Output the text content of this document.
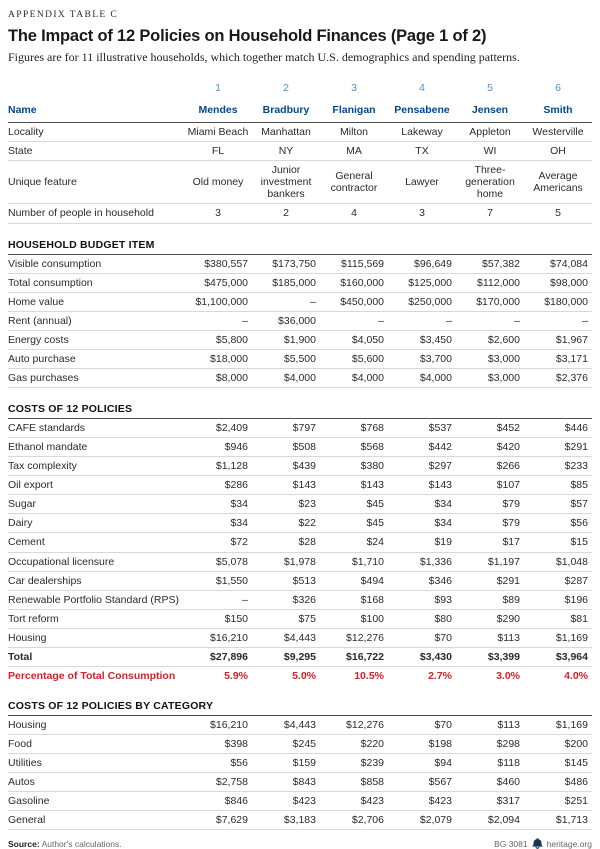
APPENDIX TABLE C
The Impact of 12 Policies on Household Finances (Page 1 of 2)

Figures are for 11 illustrative households, which together match U.S. demographics and spending patterns.

	1	2	3	4	5	6
Name	Mendes	Bradbury	Flanigan	Pensabene	Jensen	Smith
Locality	Miami Beach	Manhattan	Milton	Lakeway	Appleton	Westerville
State	FL	NY	MA	TX	WI	OH
Unique feature	Old money	Junior investment bankers	General contractor	Lawyer	Three-generation home	Average Americans
Number of people in household	3	2	4	3	7	5
HOUSEHOLD BUDGET ITEM						
Visible consumption	$380,557	$173,750	$115,569	$96,649	$57,382	$74,084
Total consumption	$475,000	$185,000	$160,000	$125,000	$112,000	$98,000
Home value	$1,100,000	–	$450,000	$250,000	$170,000	$180,000
Rent (annual)	–	$36,000	–	–	–	–
Energy costs	$5,800	$1,900	$4,050	$3,450	$2,600	$1,967
Auto purchase	$18,000	$5,500	$5,600	$3,700	$3,000	$3,171
Gas purchases	$8,000	$4,000	$4,000	$4,000	$3,000	$2,376
COSTS OF 12 POLICIES						
CAFE standards	$2,409	$797	$768	$537	$452	$446
Ethanol mandate	$946	$508	$568	$442	$420	$291
Tax complexity	$1,128	$439	$380	$297	$266	$233
Oil export	$286	$143	$143	$143	$107	$85
Sugar	$34	$23	$45	$34	$79	$57
Dairy	$34	$22	$45	$34	$79	$56
Cement	$72	$28	$24	$19	$17	$15
Occupational licensure	$5,078	$1,978	$1,710	$1,336	$1,197	$1,048
Car dealerships	$1,550	$513	$494	$346	$291	$287
Renewable Portfolio Standard (RPS)	–	$326	$168	$93	$89	$196
Tort reform	$150	$75	$100	$80	$290	$81
Housing	$16,210	$4,443	$12,276	$70	$113	$1,169
Total	$27,896	$9,295	$16,722	$3,430	$3,399	$3,964
Percentage of Total Consumption	5.9%	5.0%	10.5%	2.7%	3.0%	4.0%
COSTS OF 12 POLICIES BY CATEGORY						
Housing	$16,210	$4,443	$12,276	$70	$113	$1,169
Food	$398	$245	$220	$198	$298	$200
Utilities	$56	$159	$239	$94	$118	$145
Autos	$2,758	$843	$858	$567	$460	$486
Gasoline	$846	$423	$423	$423	$317	$251
General	$7,629	$3,183	$2,706	$2,079	$2,094	$1,713
Source: Author's calculations.	BG 3081 heritage.org
